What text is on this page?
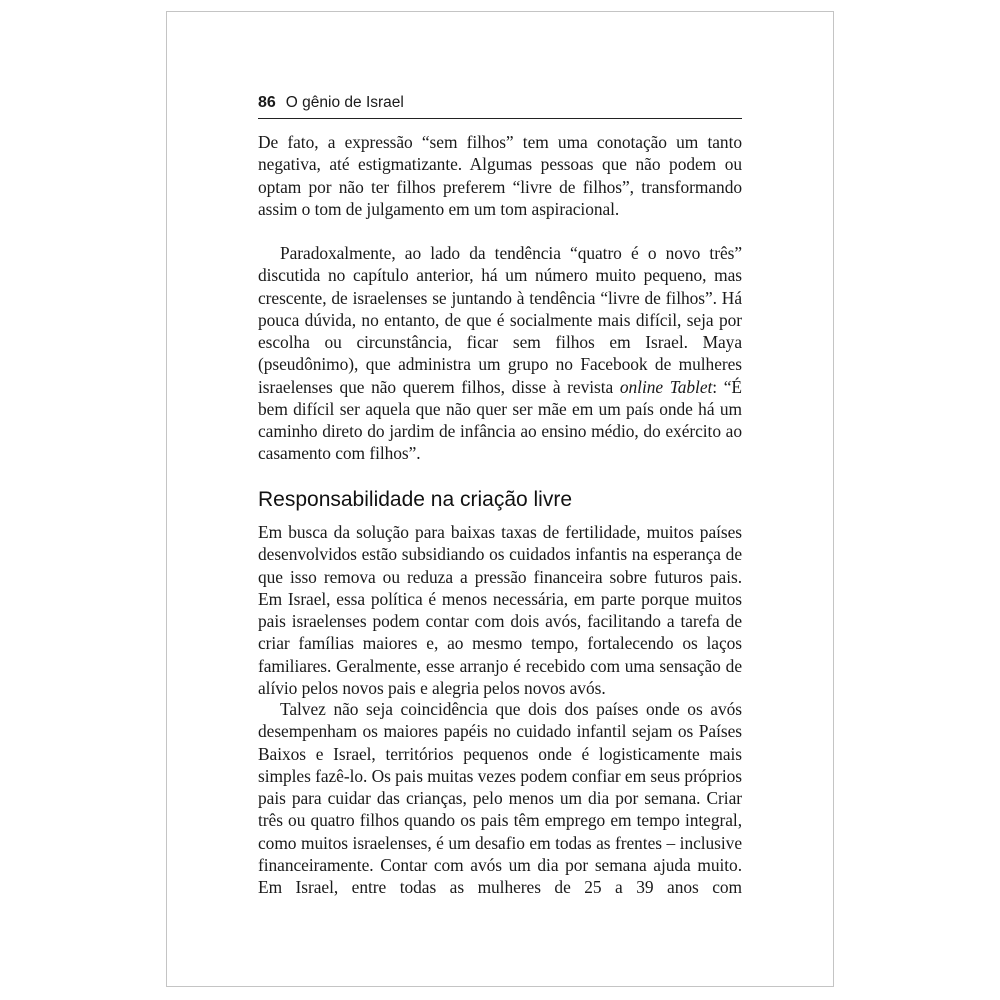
86 O gênio de Israel

De fato, a expressão “sem filhos” tem uma conotação um tanto negativa, até estigmatizante. Algumas pessoas que não podem ou optam por não ter filhos preferem “livre de filhos”, transformando assim o tom de julgamento em um tom aspiracional.

Paradoxalmente, ao lado da tendência “quatro é o novo três” discutida no capítulo anterior, há um número muito pequeno, mas crescente, de israelenses se juntando à tendência “livre de filhos”. Há pouca dúvida, no entanto, de que é socialmente mais difícil, seja por escolha ou circunstância, ficar sem filhos em Israel. Maya (pseudônimo), que administra um grupo no Facebook de mulheres israelenses que não querem filhos, disse à revista online Tablet: “É bem difícil ser aquela que não quer ser mãe em um país onde há um caminho direto do jardim de infância ao ensino médio, do exército ao casamento com filhos”.

Responsabilidade na criação livre

Em busca da solução para baixas taxas de fertilidade, muitos países desenvolvidos estão subsidiando os cuidados infantis na esperança de que isso remova ou reduza a pressão financeira sobre futuros pais. Em Israel, essa política é menos necessária, em parte porque muitos pais israelenses podem contar com dois avós, facilitando a tarefa de criar famílias maiores e, ao mesmo tempo, fortalecendo os laços familiares. Geralmente, esse arranjo é recebido com uma sensação de alívio pelos novos pais e alegria pelos novos avós.

Talvez não seja coincidência que dois dos países onde os avós desempenham os maiores papéis no cuidado infantil sejam os Países Baixos e Israel, territórios pequenos onde é logisticamente mais simples fazê-lo. Os pais muitas vezes podem confiar em seus próprios pais para cuidar das crianças, pelo menos um dia por semana. Criar três ou quatro filhos quando os pais têm emprego em tempo integral, como muitos israelenses, é um desafio em todas as frentes – inclusive financeiramente. Contar com avós um dia por semana ajuda muito. Em Israel, entre todas as mulheres de 25 a 39 anos com
